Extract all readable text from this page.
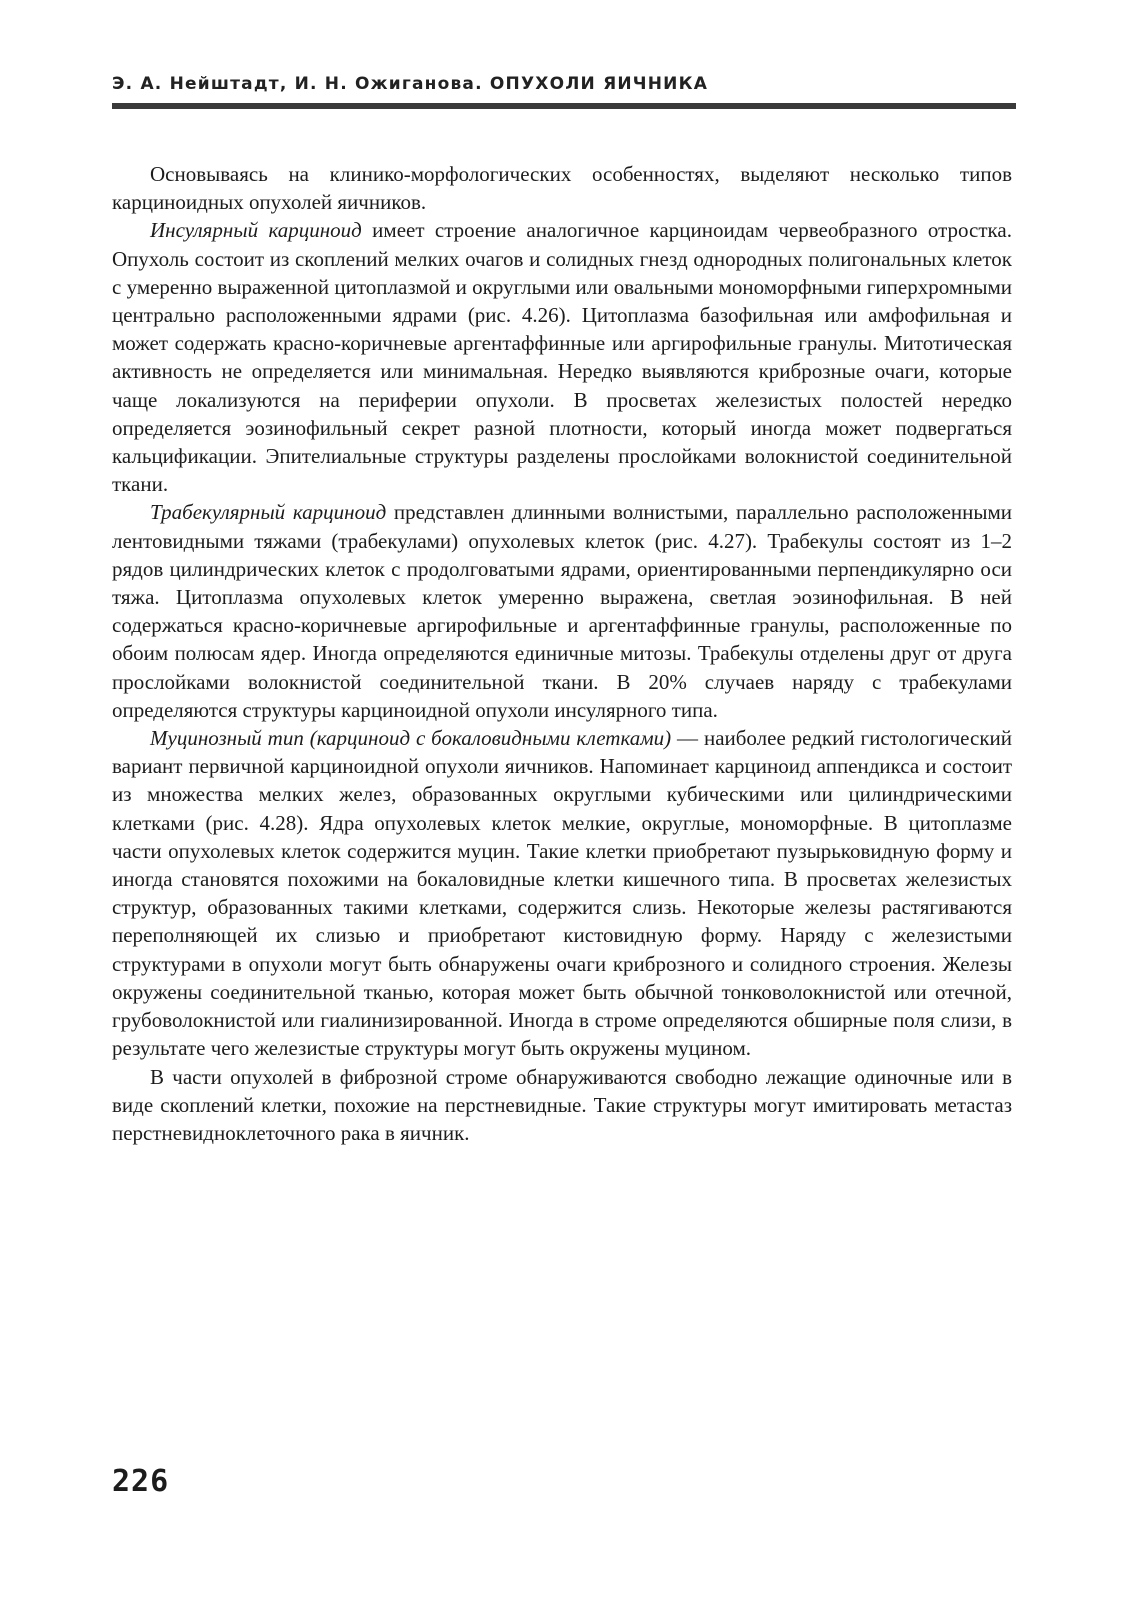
Э. А. Нейштадт, И. Н. Ожиганова. ОПУХОЛИ ЯИЧНИКА

Основываясь на клинико-морфологических особенностях, выделяют несколько типов карциноидных опухолей яичников.

Инсулярный карциноид имеет строение аналогичное карциноидам червеобразного отростка. Опухоль состоит из скоплений мелких очагов и солидных гнезд однородных полигональных клеток с умеренно выраженной цитоплазмой и округлыми или овальными мономорфными гиперхромными центрально расположенными ядрами (рис. 4.26). Цитоплазма базофильная или амфофильная и может содержать красно-коричневые аргентаффинные или аргирофильные гранулы. Митотическая активность не определяется или минимальная. Нередко выявляются криброзные очаги, которые чаще локализуются на периферии опухоли. В просветах железистых полостей нередко определяется эозинофильный секрет разной плотности, который иногда может подвергаться кальцификации. Эпителиальные структуры разделены прослойками волокнистой соединительной ткани.

Трабекулярный карциноид представлен длинными волнистыми, параллельно расположенными лентовидными тяжами (трабекулами) опухолевых клеток (рис. 4.27). Трабекулы состоят из 1–2 рядов цилиндрических клеток с продолговатыми ядрами, ориентированными перпендикулярно оси тяжа. Цитоплазма опухолевых клеток умеренно выражена, светлая эозинофильная. В ней содержаться красно-коричневые аргирофильные и аргентаффинные гранулы, расположенные по обоим полюсам ядер. Иногда определяются единичные митозы. Трабекулы отделены друг от друга прослойками волокнистой соединительной ткани. В 20% случаев наряду с трабекулами определяются структуры карциноидной опухоли инсулярного типа.

Муцинозный тип (карциноид с бокаловидными клетками) — наиболее редкий гистологический вариант первичной карциноидной опухоли яичников. Напоминает карциноид аппендикса и состоит из множества мелких желез, образованных округлыми кубическими или цилиндрическими клетками (рис. 4.28). Ядра опухолевых клеток мелкие, округлые, мономорфные. В цитоплазме части опухолевых клеток содержится муцин. Такие клетки приобретают пузырьковидную форму и иногда становятся похожими на бокаловидные клетки кишечного типа. В просветах железистых структур, образованных такими клетками, содержится слизь. Некоторые железы растягиваются переполняющей их слизью и приобретают кистовидную форму. Наряду с железистыми структурами в опухоли могут быть обнаружены очаги криброзного и солидного строения. Железы окружены соединительной тканью, которая может быть обычной тонковолокнистой или отечной, грубоволокнистой или гиалинизированной. Иногда в строме определяются обширные поля слизи, в результате чего железистые структуры могут быть окружены муцином.

В части опухолей в фиброзной строме обнаруживаются свободно лежащие одиночные или в виде скоплений клетки, похожие на перстневидные. Такие структуры могут имитировать метастаз перстневидноклеточного рака в яичник.

226
